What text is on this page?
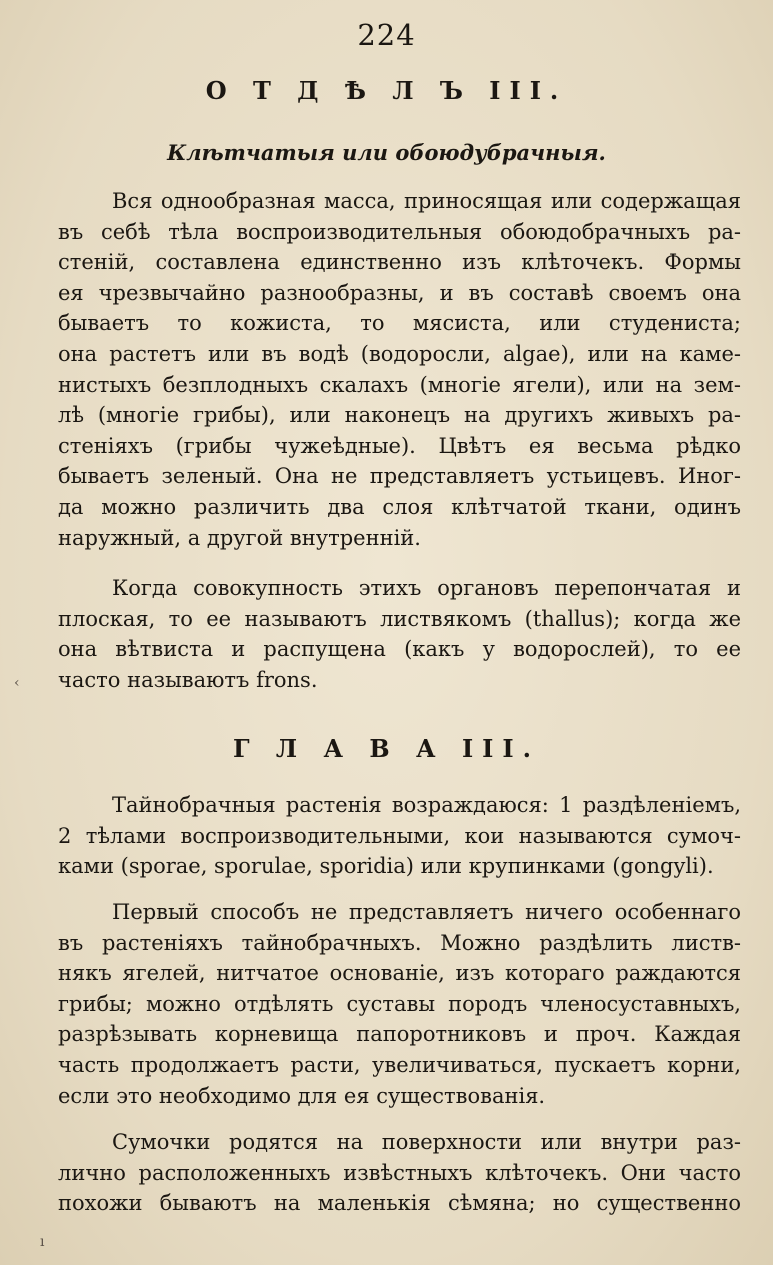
224
О Т Д Ѣ Л Ъ III.
Клѣтчатыя или обоюдубрачныя.
Вся однообразная масса, приносящая или содержащая
въ себѣ тѣла воспроизводительныя обоюдобрачныхъ ра-
стеній, составлена единственно изъ клѣточекъ. Формы
ея чрезвычайно разнообразны, и въ составѣ своемъ она
бываетъ то кожиста, то мясиста, или студениста;
она растетъ или въ водѣ (водоросли, algae), или на камe-
нистыхъ безплодныхъ скалахъ (многіе ягели), или на зем-
лѣ (многіе грибы), или наконецъ на другихъ живыхъ ра-
стеніяхъ (грибы чужеѣдные). Цвѣтъ ея весьма рѣдко
бываетъ зеленый. Она не представляетъ устьицевъ. Иног-
да можно различить два слоя клѣтчатой ткани, одинъ
наружный, а другой внутренній.
Когда совокупность этихъ органовъ перепончатая и
плоская, то ее называютъ листвякомъ (thallus); когда же
она вѣтвиста и распущена (какъ у водорослей), то ее
часто называютъ frons.
Г Л А В А III.
Тайнобрачныя растенія возраждаюся: 1 раздѣленіемъ,
2 тѣлами воспроизводительными, кои называются сумоч-
ками (sporae, sporulae, sporidia) или крупинками (gongyli).
Первый способъ не представляетъ ничего особеннаго
въ растеніяхъ тайнобрачныхъ. Можно раздѣлить листв-
някъ ягелей, нитчатое основаніе, изъ котораго раждаются
грибы; можно отдѣлять суставы породъ членосуставныхъ,
разрѣзывать корневища папоротниковъ и проч. Каждая
часть продолжаетъ расти, увеличиваться, пускаетъ корни,
если это необходимо для ея существованія.
Сумочки родятся на поверхности или внутри раз-
лично расположенныхъ извѣстныхъ клѣточекъ. Они часто
похожи бываютъ на маленькія сѣмяна; но существенно
‹
ı
